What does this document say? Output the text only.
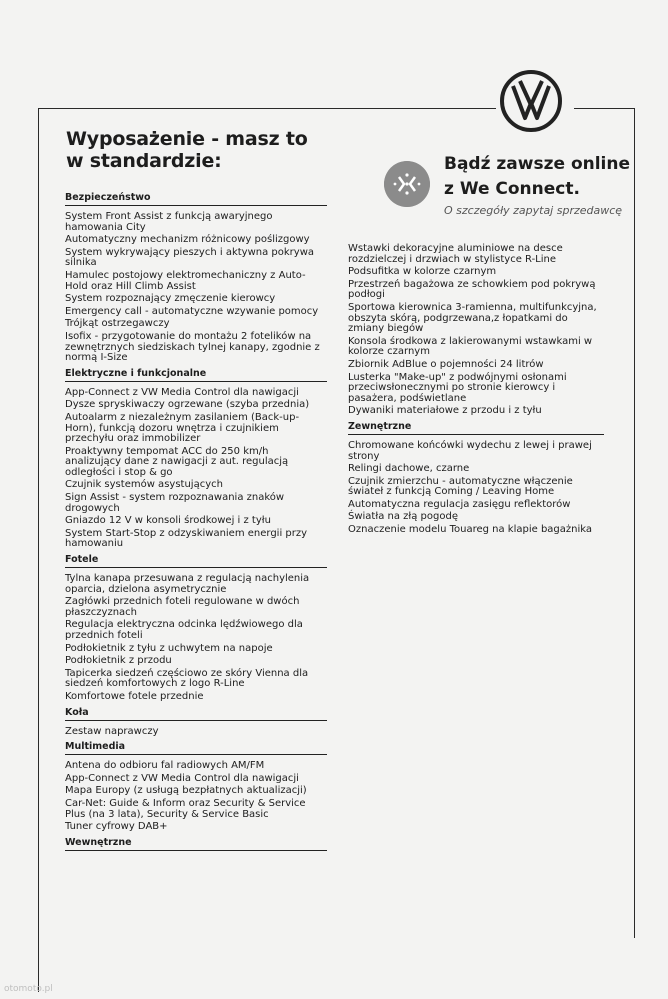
Wyposażenie - masz to
w standardzie:	Bądź zawsze online
z We Connect.
O szczegóły zapytaj sprzedawcę
Bezpieczeństwo
System Front Assist z funkcją awaryjnego hamowania City
Automatyczny mechanizm różnicowy poślizgowy
System wykrywający pieszych i aktywna pokrywa silnika
Hamulec postojowy elektromechaniczny z Auto-Hold oraz Hill Climb Assist
System rozpoznający zmęczenie kierowcy
Emergency call - automatyczne wzywanie pomocy
Trójkąt ostrzegawczy
Isofix - przygotowanie do montażu 2 fotelików na zewnętrznych siedziskach tylnej kanapy, zgodnie z normą I-Size
Elektryczne i funkcjonalne
App-Connect z VW Media Control dla nawigacji
Dysze spryskiwaczy ogrzewane (szyba przednia)
Autoalarm z niezależnym zasilaniem (Back-up-Horn), funkcją dozoru wnętrza i czujnikiem przechyłu oraz immobilizer
Proaktywny tempomat ACC do 250 km/h analizujący dane z nawigacji z aut. regulacją odległości i stop & go
Czujnik systemów asystujących
Sign Assist - system rozpoznawania znaków drogowych
Gniazdo 12 V w konsoli środkowej i z tyłu
System Start-Stop z odzyskiwaniem energii przy hamowaniu
Fotele
Tylna kanapa przesuwana z regulacją nachylenia oparcia, dzielona asymetrycznie
Zagłówki przednich foteli regulowane w dwóch płaszczyznach
Regulacja elektryczna odcinka lędźwiowego dla przednich foteli
Podłokietnik z tyłu z uchwytem na napoje
Podłokietnik z przodu
Tapicerka siedzeń częściowo ze skóry Vienna dla siedzeń komfortowych z logo R-Line
Komfortowe fotele przednie
Koła
Zestaw naprawczy
Multimedia
Antena do odbioru fal radiowych AM/FM
App-Connect z VW Media Control dla nawigacji
Mapa Europy (z usługą bezpłatnych aktualizacji)
Car-Net: Guide & Inform oraz Security & Service Plus (na 3 lata), Security & Service Basic
Tuner cyfrowy DAB+
Wewnętrzne
Wstawki dekoracyjne aluminiowe na desce rozdzielczej i drzwiach w stylistyce R-Line
Podsufitka w kolorze czarnym
Przestrzeń bagażowa ze schowkiem pod pokrywą podłogi
Sportowa kierownica 3-ramienna, multifunkcyjna, obszyta skórą, podgrzewana,z łopatkami do zmiany biegów
Konsola środkowa z lakierowanymi wstawkami w kolorze czarnym
Zbiornik AdBlue o pojemności 24 litrów
Lusterka "Make-up" z podwójnymi osłonami przeciwsłonecznymi po stronie kierowcy i pasażera, podświetlane
Dywaniki materiałowe z przodu i z tyłu
Zewnętrzne
Chromowane końcówki wydechu z lewej i prawej strony
Relingi dachowe, czarne
Czujnik zmierzchu - automatyczne włączenie świateł z funkcją Coming / Leaving Home
Automatyczna regulacja zasięgu reflektorów
Światła na złą pogodę
Oznaczenie modelu Touareg na klapie bagażnika
otomoto.pl
